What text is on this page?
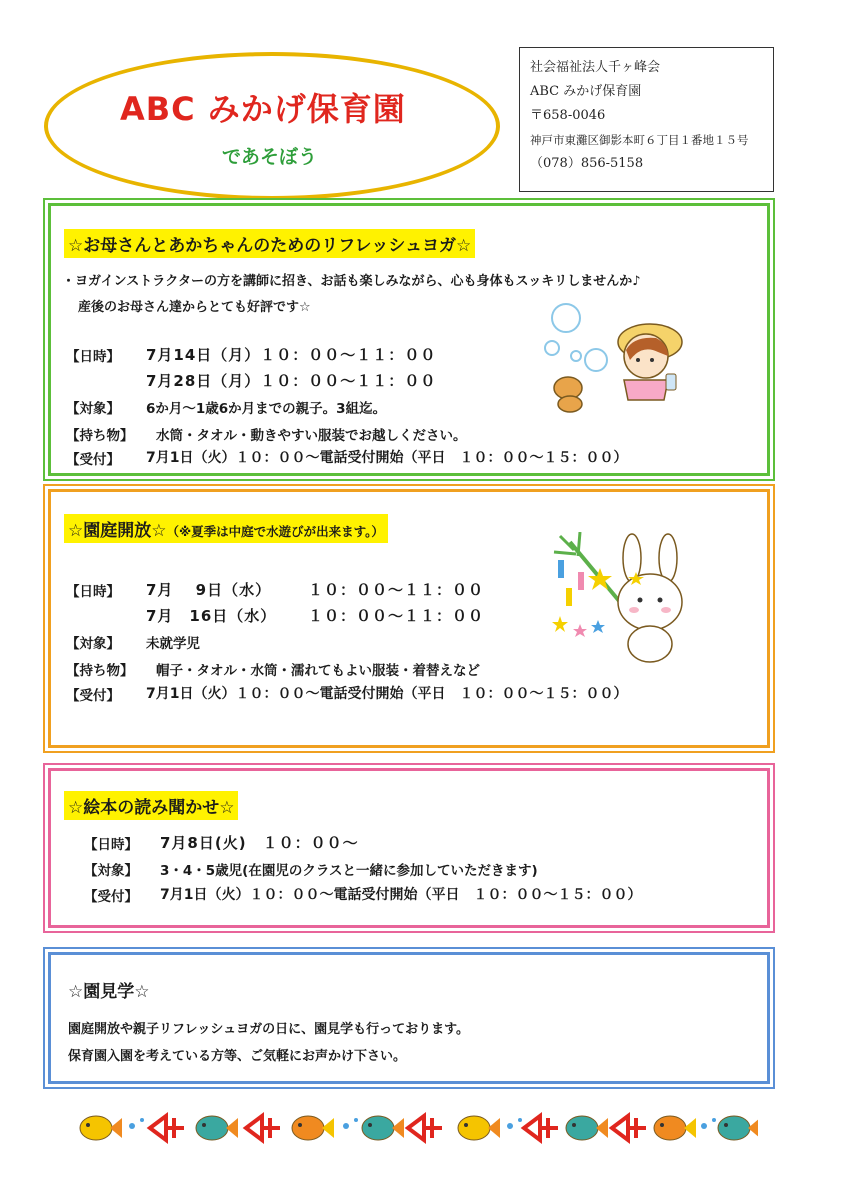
ABC みかげ保育園
であそぼう
社会福祉法人千ヶ峰会
ABC みかげ保育園
〒658-0046
神戸市東灘区御影本町６丁目１番地１５号
（078）856-5158
☆お母さんとあかちゃんのためのリフレッシュヨガ☆
・ヨガインストラクターの方を講師に招き、お話も楽しみながら、心も身体もスッキリしませんか♪
産後のお母さん達からとても好評です☆
【日時】 7月14日（月）１０：００～１１：００
7月28日（月）１０：００～１１：００
【対象】 6か月～1歳6か月までの親子。3組迄。
【持ち物】 水筒・タオル・動きやすい服装でお越しください。
【受付】 7月1日（火）１０：００～電話受付開始（平日　１０：００～１５：００）
☆園庭開放☆（※夏季は中庭で水遊びが出来ます。）
【日時】 7月　 9日（水） １０：００～１１：００
7月　16日（水） １０：００～１１：００
【対象】 未就学児
【持ち物】 帽子・タオル・水筒・濡れてもよい服装・着替えなど
【受付】 7月1日（火）１０：００～電話受付開始（平日　１０：００～１５：００）
☆絵本の読み聞かせ☆
【日時】 7月8日(火)　１０：００～
【対象】 3・4・5歳児(在園児のクラスと一緒に参加していただきます)
【受付】 7月1日（火）１０：００～電話受付開始（平日　１０：００～１５：００）
☆園見学☆
園庭開放や親子リフレッシュヨガの日に、園見学も行っております。
保育園入園を考えている方等、ご気軽にお声かけ下さい。
